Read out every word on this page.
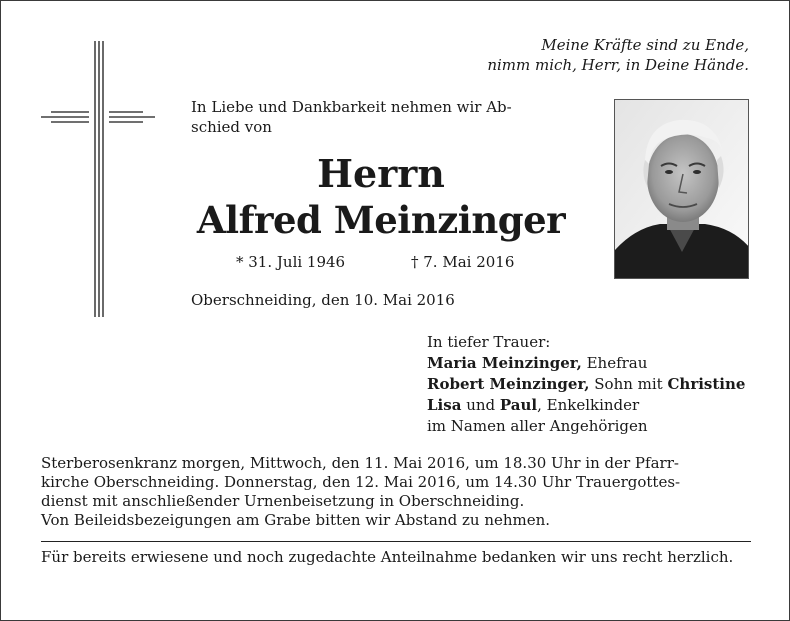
Meine Kräfte sind zu Ende,
nimm mich, Herr, in Deine Hände.
In Liebe und Dankbarkeit nehmen wir Ab-
schied von
Herrn
Alfred Meinzinger
* 31. Juli 1946	† 7. Mai 2016
Oberschneiding, den 10. Mai 2016
In tiefer Trauer:
Maria Meinzinger, Ehefrau
Robert Meinzinger, Sohn mit Christine
Lisa und Paul, Enkelkinder
im Namen aller Angehörigen
Sterberosenkranz morgen, Mittwoch, den 11. Mai 2016, um 18.30 Uhr in der Pfarr-
kirche Oberschneiding. Donnerstag, den 12. Mai 2016, um 14.30 Uhr Trauergottes-
dienst mit anschließender Urnenbeisetzung in Oberschneiding.
Von Beileidsbezeigungen am Grabe bitten wir Abstand zu nehmen.
Für bereits erwiesene und noch zugedachte Anteilnahme bedanken wir uns recht herzlich.
